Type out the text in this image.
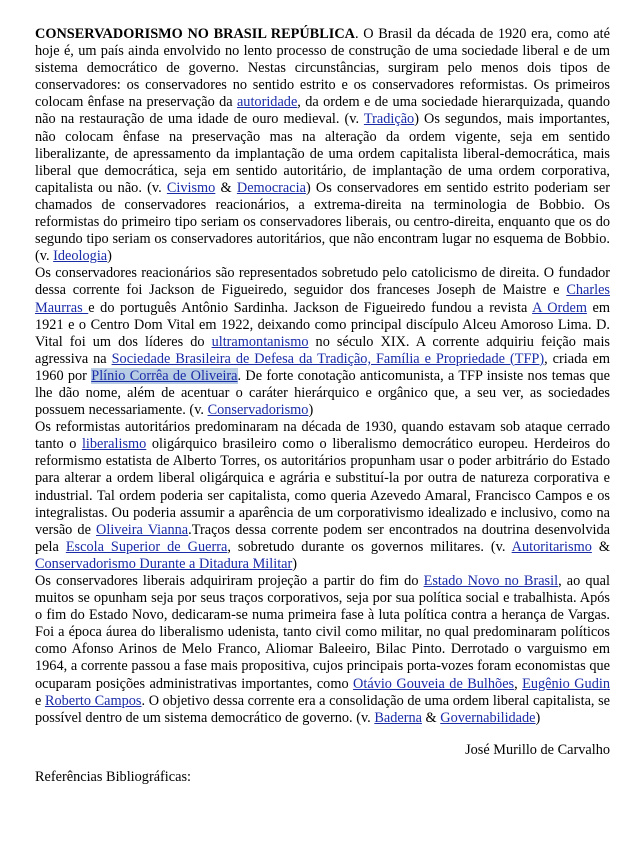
CONSERVADORISMO NO BRASIL REPÚBLICA. O Brasil da década de 1920 era, como até hoje é, um país ainda envolvido no lento processo de construção de uma sociedade liberal e de um sistema democrático de governo. Nestas circunstâncias, surgiram pelo menos dois tipos de conservadores: os conservadores no sentido estrito e os conservadores reformistas. Os primeiros colocam ênfase na preservação da autoridade, da ordem e de uma sociedade hierarquizada, quando não na restauração de uma idade de ouro medieval. (v. Tradição) Os segundos, mais importantes, não colocam ênfase na preservação mas na alteração da ordem vigente, seja em sentido liberalizante, de apressamento da implantação de uma ordem capitalista liberal-democrática, mais liberal que democrática, seja em sentido autoritário, de implantação de uma ordem corporativa, capitalista ou não. (v. Civismo & Democracia) Os conservadores em sentido estrito poderiam ser chamados de conservadores reacionários, a extrema-direita na terminologia de Bobbio. Os reformistas do primeiro tipo seriam os conservadores liberais, ou centro-direita, enquanto que os do segundo tipo seriam os conservadores autoritários, que não encontram lugar no esquema de Bobbio. (v. Ideologia)

Os conservadores reacionários são representados sobretudo pelo catolicismo de direita. O fundador dessa corrente foi Jackson de Figueiredo, seguidor dos franceses Joseph de Maistre e Charles Maurras e do português Antônio Sardinha. Jackson de Figueiredo fundou a revista A Ordem em 1921 e o Centro Dom Vital em 1922, deixando como principal discípulo Alceu Amoroso Lima. D. Vital foi um dos líderes do ultramontanismo no século XIX. A corrente adquiriu feição mais agressiva na Sociedade Brasileira de Defesa da Tradição, Família e Propriedade (TFP), criada em 1960 por Plínio Corrêa de Oliveira. De forte conotação anticomunista, a TFP insiste nos temas que lhe dão nome, além de acentuar o caráter hierárquico e orgânico que, a seu ver, as sociedades possuem necessariamente. (v. Conservadorismo)

Os reformistas autoritários predominaram na década de 1930, quando estavam sob ataque cerrado tanto o liberalismo oligárquico brasileiro como o liberalismo democrático europeu. Herdeiros do reformismo estatista de Alberto Torres, os autoritários propunham usar o poder arbitrário do Estado para alterar a ordem liberal oligárquica e agrária e substituí-la por outra de natureza corporativa e industrial. Tal ordem poderia ser capitalista, como queria Azevedo Amaral, Francisco Campos e os integralistas. Ou poderia assumir a aparência de um corporativismo idealizado e inclusivo, como na versão de Oliveira Vianna.Traços dessa corrente podem ser encontrados na doutrina desenvolvida pela Escola Superior de Guerra, sobretudo durante os governos militares. (v. Autoritarismo & Conservadorismo Durante a Ditadura Militar)

Os conservadores liberais adquiriram projeção a partir do fim do Estado Novo no Brasil, ao qual muitos se opunham seja por seus traços corporativos, seja por sua política social e trabalhista. Após o fim do Estado Novo, dedicaram-se numa primeira fase à luta política contra a herança de Vargas. Foi a época áurea do liberalismo udenista, tanto civil como militar, no qual predominaram políticos como Afonso Arinos de Melo Franco, Aliomar Baleeiro, Bilac Pinto. Derrotado o varguismo em 1964, a corrente passou a fase mais propositiva, cujos principais porta-vozes foram economistas que ocuparam posições administrativas importantes, como Otávio Gouveia de Bulhões, Eugênio Gudin e Roberto Campos. O objetivo dessa corrente era a consolidação de uma ordem liberal capitalista, se possível dentro de um sistema democrático de governo. (v. Baderna & Governabilidade)

José Murillo de Carvalho

Referências Bibliográficas:
